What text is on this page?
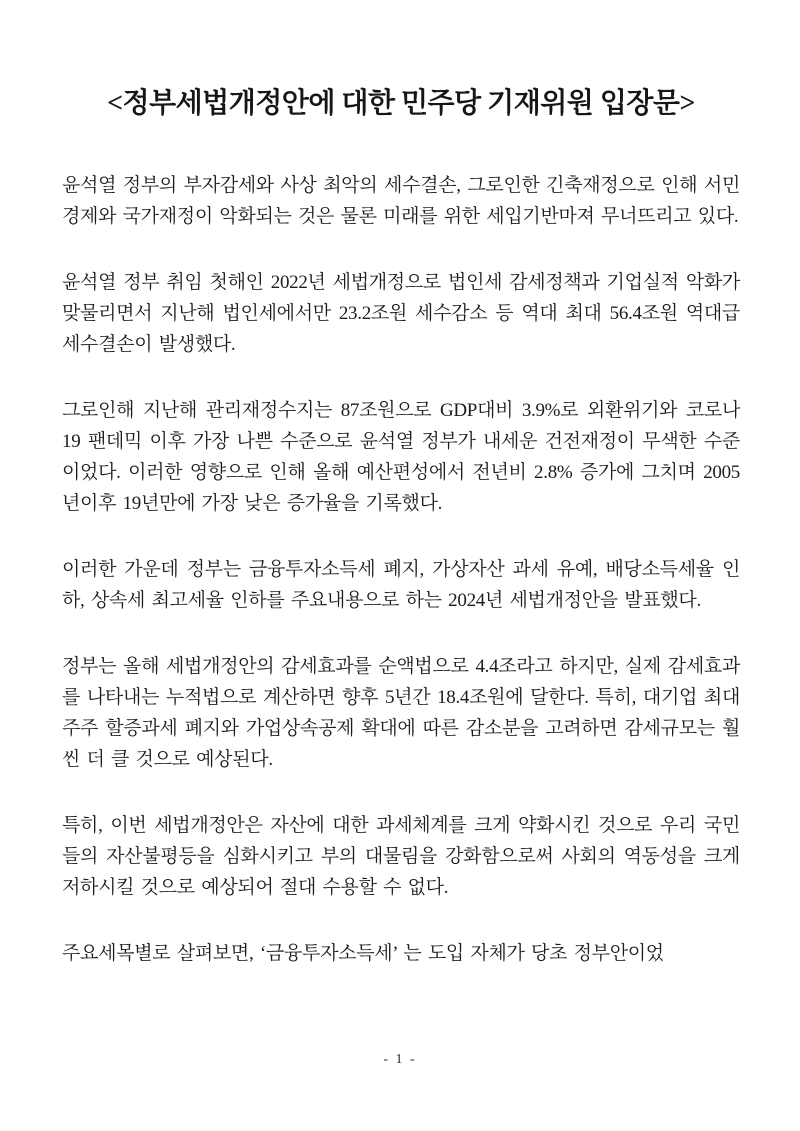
<정부세법개정안에 대한 민주당 기재위원 입장문>

윤석열 정부의 부자감세와 사상 최악의 세수결손, 그로인한 긴축재정으로 인해 서민경제와 국가재정이 악화되는 것은 물론 미래를 위한 세입기반마져 무너뜨리고 있다.

윤석열 정부 취임 첫해인 2022년 세법개정으로 법인세 감세정책과 기업실적 악화가 맞물리면서 지난해 법인세에서만 23.2조원 세수감소 등 역대 최대 56.4조원 역대급 세수결손이 발생했다.

그로인해 지난해 관리재정수지는 87조원으로 GDP대비 3.9%로 외환위기와 코로나19 팬데믹 이후 가장 나쁜 수준으로 윤석열 정부가 내세운 건전재정이 무색한 수준이었다. 이러한 영향으로 인해 올해 예산편성에서 전년비 2.8% 증가에 그치며 2005년이후 19년만에 가장 낮은 증가율을 기록했다.

이러한 가운데 정부는 금융투자소득세 폐지, 가상자산 과세 유예, 배당소득세율 인하, 상속세 최고세율 인하를 주요내용으로 하는 2024년 세법개정안을 발표했다.

정부는 올해 세법개정안의 감세효과를 순액법으로 4.4조라고 하지만, 실제 감세효과를 나타내는 누적법으로 계산하면 향후 5년간 18.4조원에 달한다. 특히, 대기업 최대주주 할증과세 폐지와 가업상속공제 확대에 따른 감소분을 고려하면 감세규모는 훨씬 더 클 것으로 예상된다.

특히, 이번 세법개정안은 자산에 대한 과세체계를 크게 약화시킨 것으로 우리 국민들의 자산불평등을 심화시키고 부의 대물림을 강화함으로써 사회의 역동성을 크게 저하시킬 것으로 예상되어 절대 수용할 수 없다.

주요세목별로 살펴보면, ‘금융투자소득세’ 는 도입 자체가 당초 정부안이었

- 1 -
